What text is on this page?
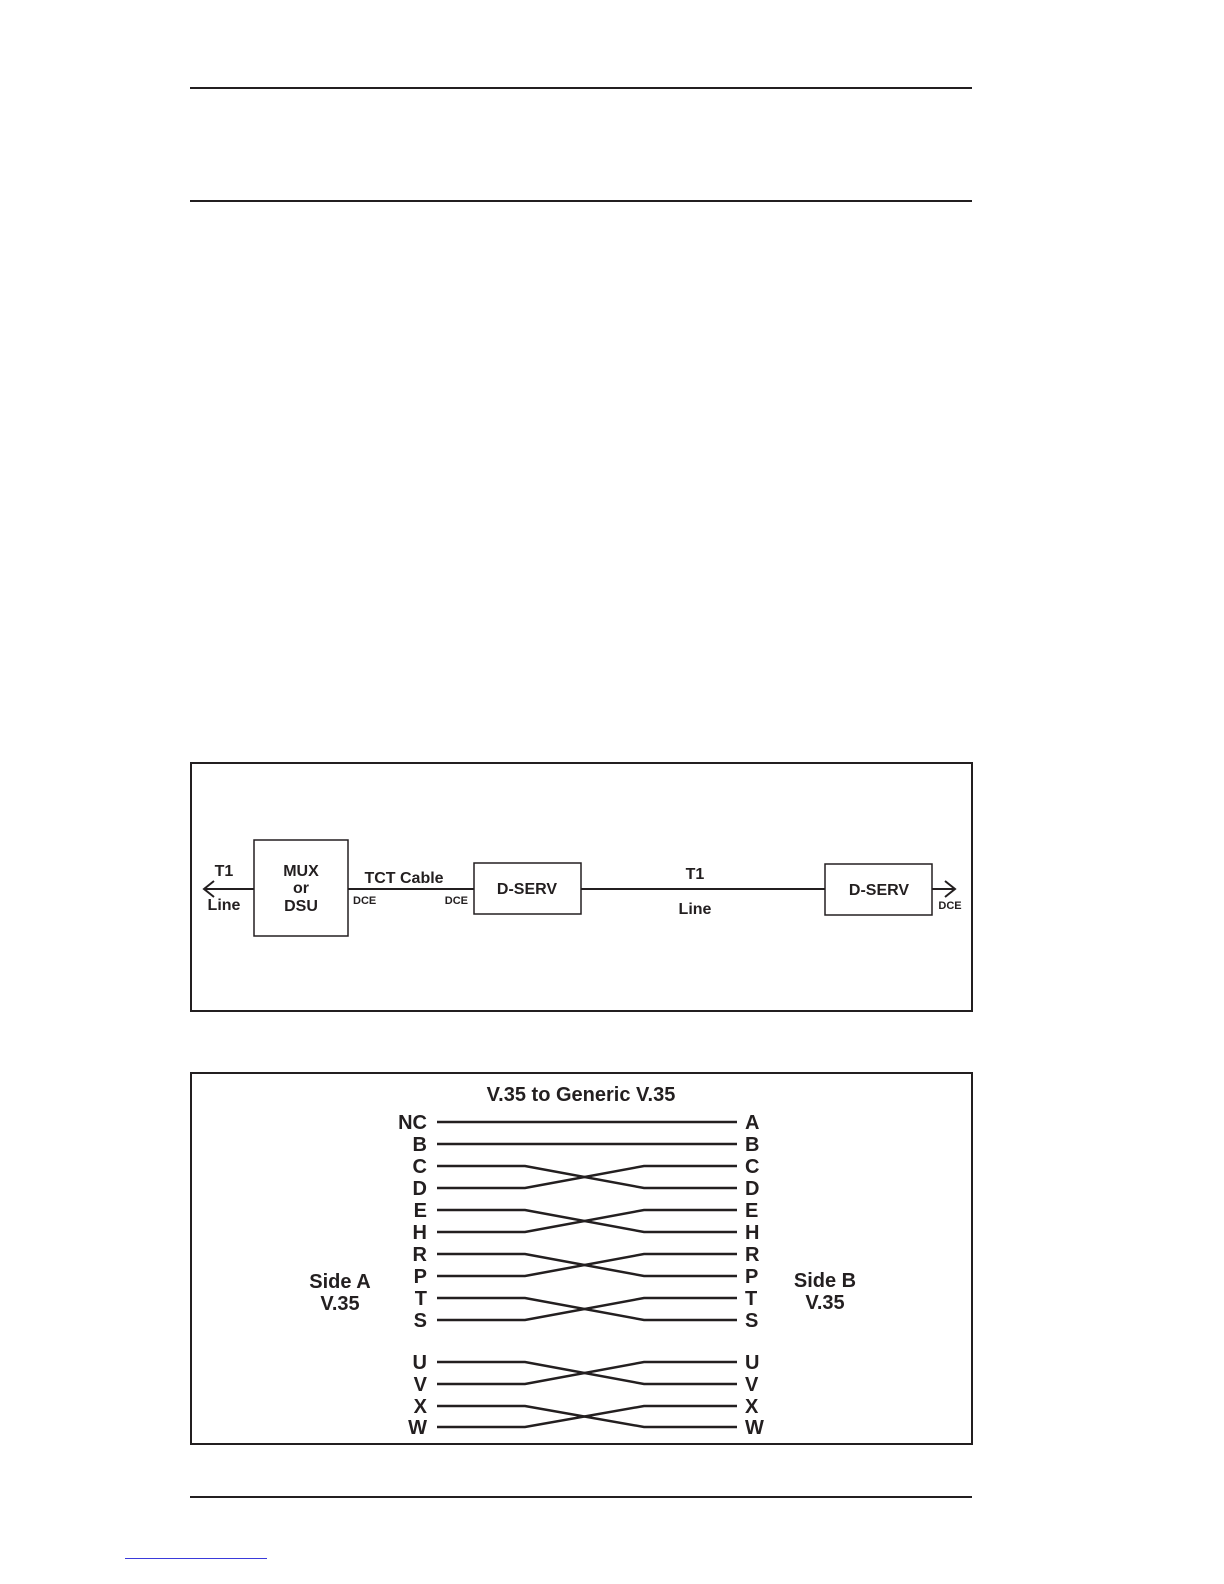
T1
Line
MUX
or
DSU
TCT Cable
DCE	DCE
D-SERV
T1
Line
D-SERV
DCE
V.35 to Generic V.35
Side A
V.35
Side B
V.35
NC
B
C
D
E
H
R
P
T
S
U
V
X
W
A
B
C
D
E
H
R
P
T
S
U
V
X
W
